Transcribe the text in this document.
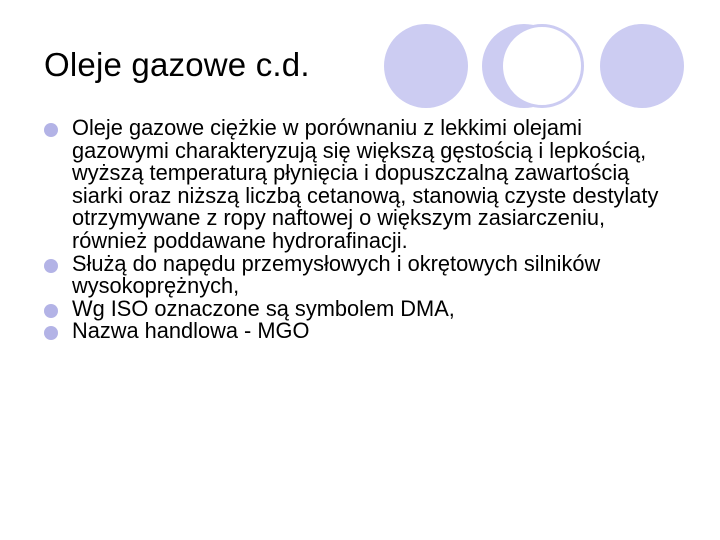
Oleje gazowe c.d.
Oleje gazowe ciężkie w porównaniu z lekkimi olejami gazowymi charakteryzują się większą gęstością i lepkością, wyższą temperaturą płynięcia i dopuszczalną zawartością siarki oraz niższą liczbą cetanową, stanowią czyste destylaty otrzymywane z ropy naftowej o większym zasiarczeniu, również poddawane hydrorafinacji.
Służą do napędu przemysłowych i okrętowych silników wysokoprężnych,
Wg ISO oznaczone są symbolem DMA,
Nazwa handlowa - MGO
